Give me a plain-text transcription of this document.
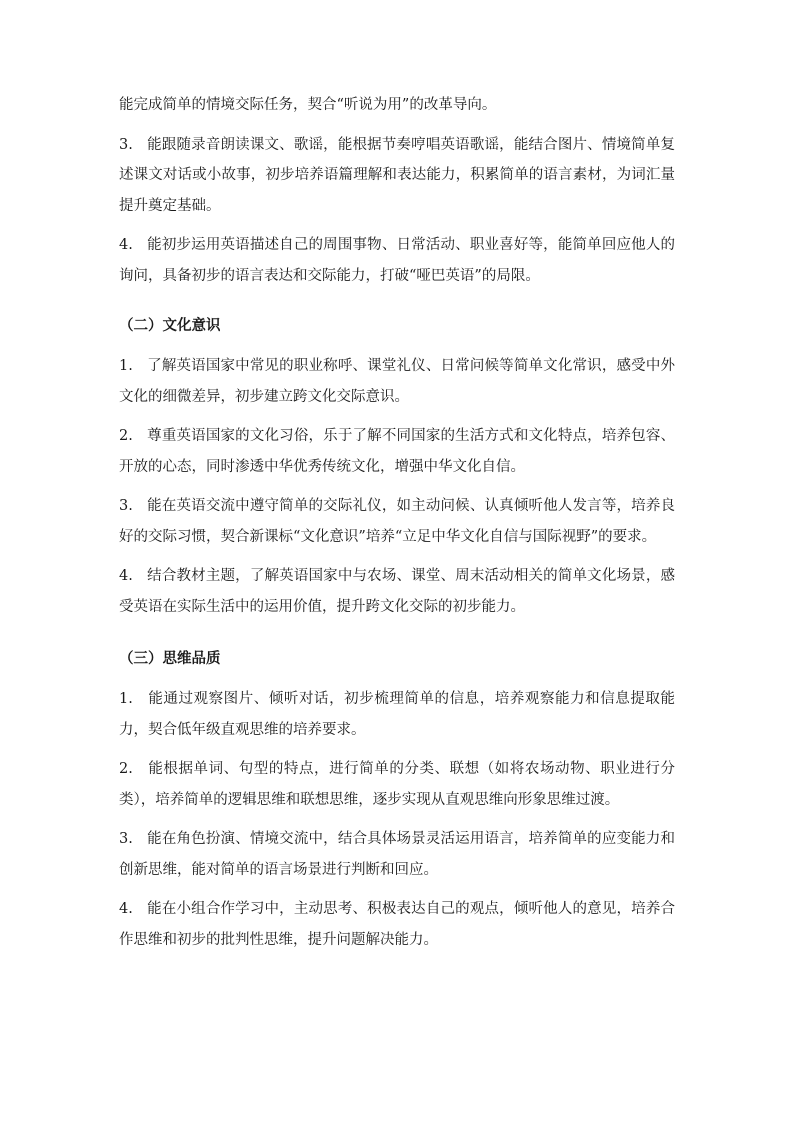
能完成简单的情境交际任务，契合“听说为用”的改革导向。

3.   能跟随录音朗读课文、歌谣，能根据节奏哼唱英语歌谣，能结合图片、情境简单复述课文对话或小故事，初步培养语篇理解和表达能力，积累简单的语言素材，为词汇量提升奠定基础。

4.   能初步运用英语描述自己的周围事物、日常活动、职业喜好等，能简单回应他人的询问，具备初步的语言表达和交际能力，打破“哑巴英语”的局限。

（二）文化意识

1.   了解英语国家中常见的职业称呼、课堂礼仪、日常问候等简单文化常识，感受中外文化的细微差异，初步建立跨文化交际意识。

2.   尊重英语国家的文化习俗，乐于了解不同国家的生活方式和文化特点，培养包容、开放的心态，同时渗透中华优秀传统文化，增强中华文化自信。

3.   能在英语交流中遵守简单的交际礼仪，如主动问候、认真倾听他人发言等，培养良好的交际习惯，契合新课标“文化意识”培养“立足中华文化自信与国际视野”的要求。

4.   结合教材主题，了解英语国家中与农场、课堂、周末活动相关的简单文化场景，感受英语在实际生活中的运用价值，提升跨文化交际的初步能力。

（三）思维品质

1.   能通过观察图片、倾听对话，初步梳理简单的信息，培养观察能力和信息提取能力，契合低年级直观思维的培养要求。

2.   能根据单词、句型的特点，进行简单的分类、联想（如将农场动物、职业进行分类），培养简单的逻辑思维和联想思维，逐步实现从直观思维向形象思维过渡。

3.   能在角色扮演、情境交流中，结合具体场景灵活运用语言，培养简单的应变能力和创新思维，能对简单的语言场景进行判断和回应。

4.   能在小组合作学习中，主动思考、积极表达自己的观点，倾听他人的意见，培养合作思维和初步的批判性思维，提升问题解决能力。
